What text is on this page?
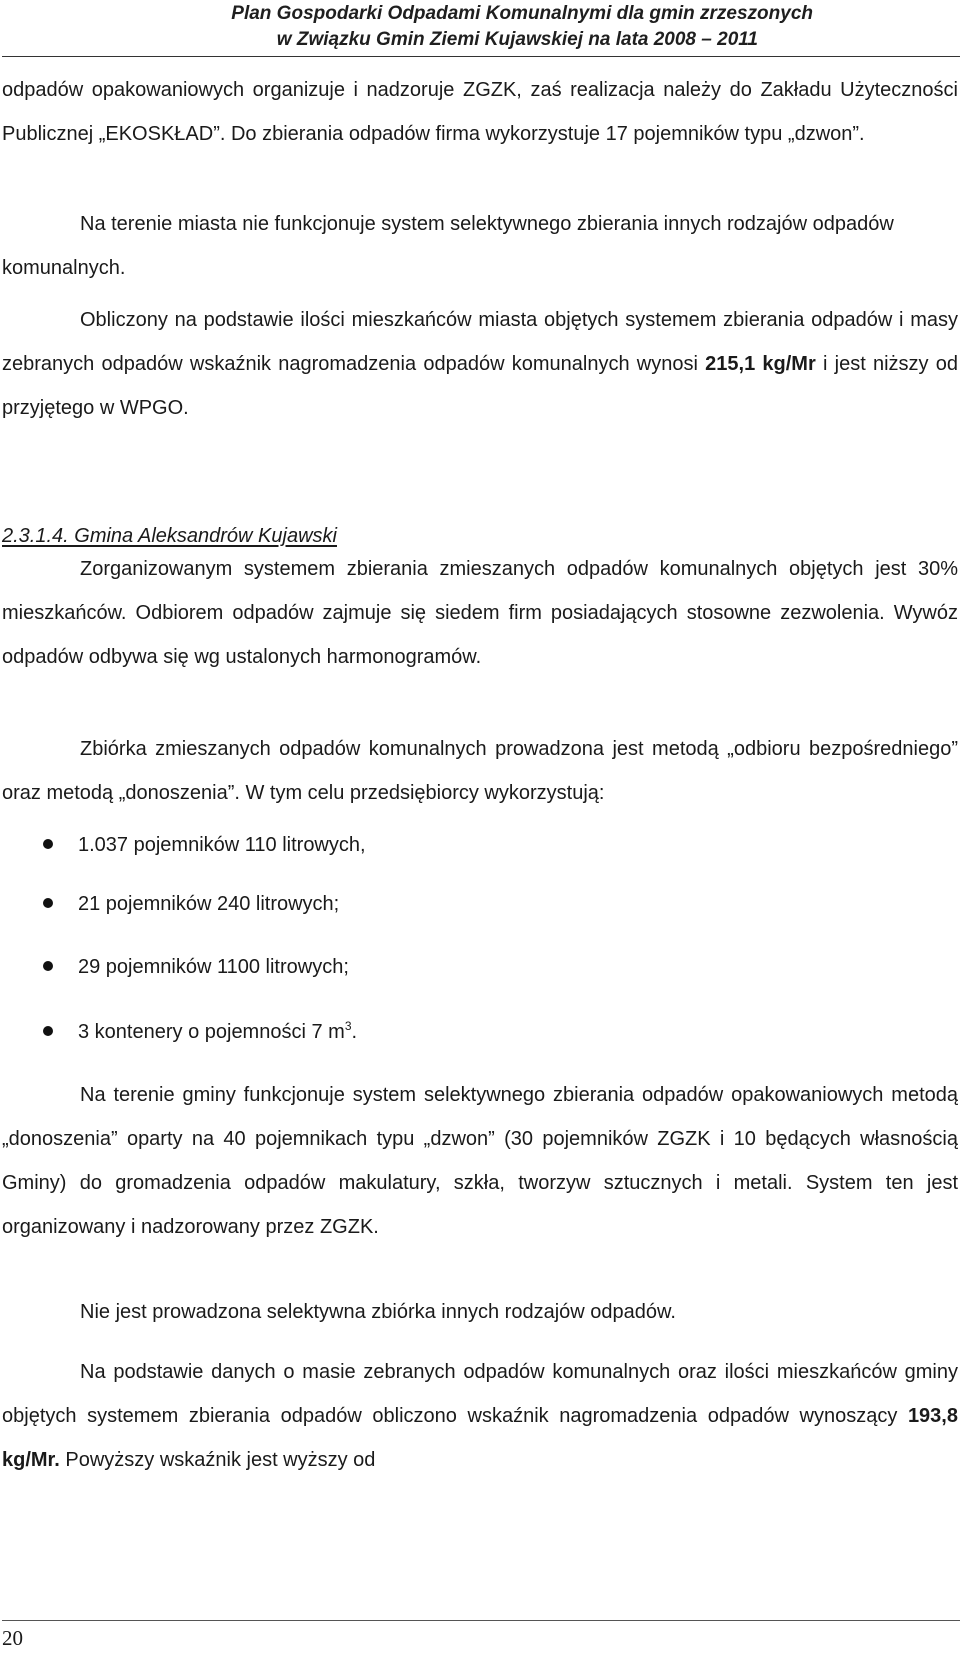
Plan Gospodarki Odpadami Komunalnymi dla gmin zrzeszonych
w Związku Gmin Ziemi Kujawskiej na lata 2008 – 2011

odpadów opakowaniowych organizuje i nadzoruje ZGZK, zaś realizacja należy do Zakładu Użyteczności Publicznej „EKOSKŁAD”. Do zbierania odpadów firma wykorzystuje 17 pojemników typu „dzwon”.

Na terenie miasta nie funkcjonuje system selektywnego zbierania innych rodzajów odpadów komunalnych.

Obliczony na podstawie ilości mieszkańców miasta objętych systemem zbierania odpadów i masy zebranych odpadów wskaźnik nagromadzenia odpadów komunalnych wynosi 215,1 kg/Mr i jest niższy od przyjętego w WPGO.

2.3.1.4. Gmina Aleksandrów Kujawski

Zorganizowanym systemem zbierania zmieszanych odpadów komunalnych objętych jest 30% mieszkańców. Odbiorem odpadów zajmuje się siedem firm posiadających stosowne zezwolenia. Wywóz odpadów odbywa się wg ustalonych harmonogramów.

Zbiórka zmieszanych odpadów komunalnych prowadzona jest metodą „odbioru bezpośredniego” oraz metodą „donoszenia”. W tym celu przedsiębiorcy wykorzystują:

1.037 pojemników 110 litrowych,
21 pojemników 240 litrowych;
29 pojemników 1100 litrowych;
3 kontenery o pojemności 7 $m^3$.

Na terenie gminy funkcjonuje system selektywnego zbierania odpadów opakowaniowych metodą „donoszenia” oparty na 40 pojemnikach typu „dzwon” (30 pojemników ZGZK i 10 będących własnością Gminy) do gromadzenia odpadów makulatury, szkła, tworzyw sztucznych i metali. System ten jest organizowany i nadzorowany przez ZGZK.

Nie jest prowadzona selektywna zbiórka innych rodzajów odpadów.

Na podstawie danych o masie zebranych odpadów komunalnych oraz ilości mieszkańców gminy objętych systemem zbierania odpadów obliczono wskaźnik nagromadzenia odpadów wynoszący 193,8 kg/Mr. Powyższy wskaźnik jest wyższy od

20
